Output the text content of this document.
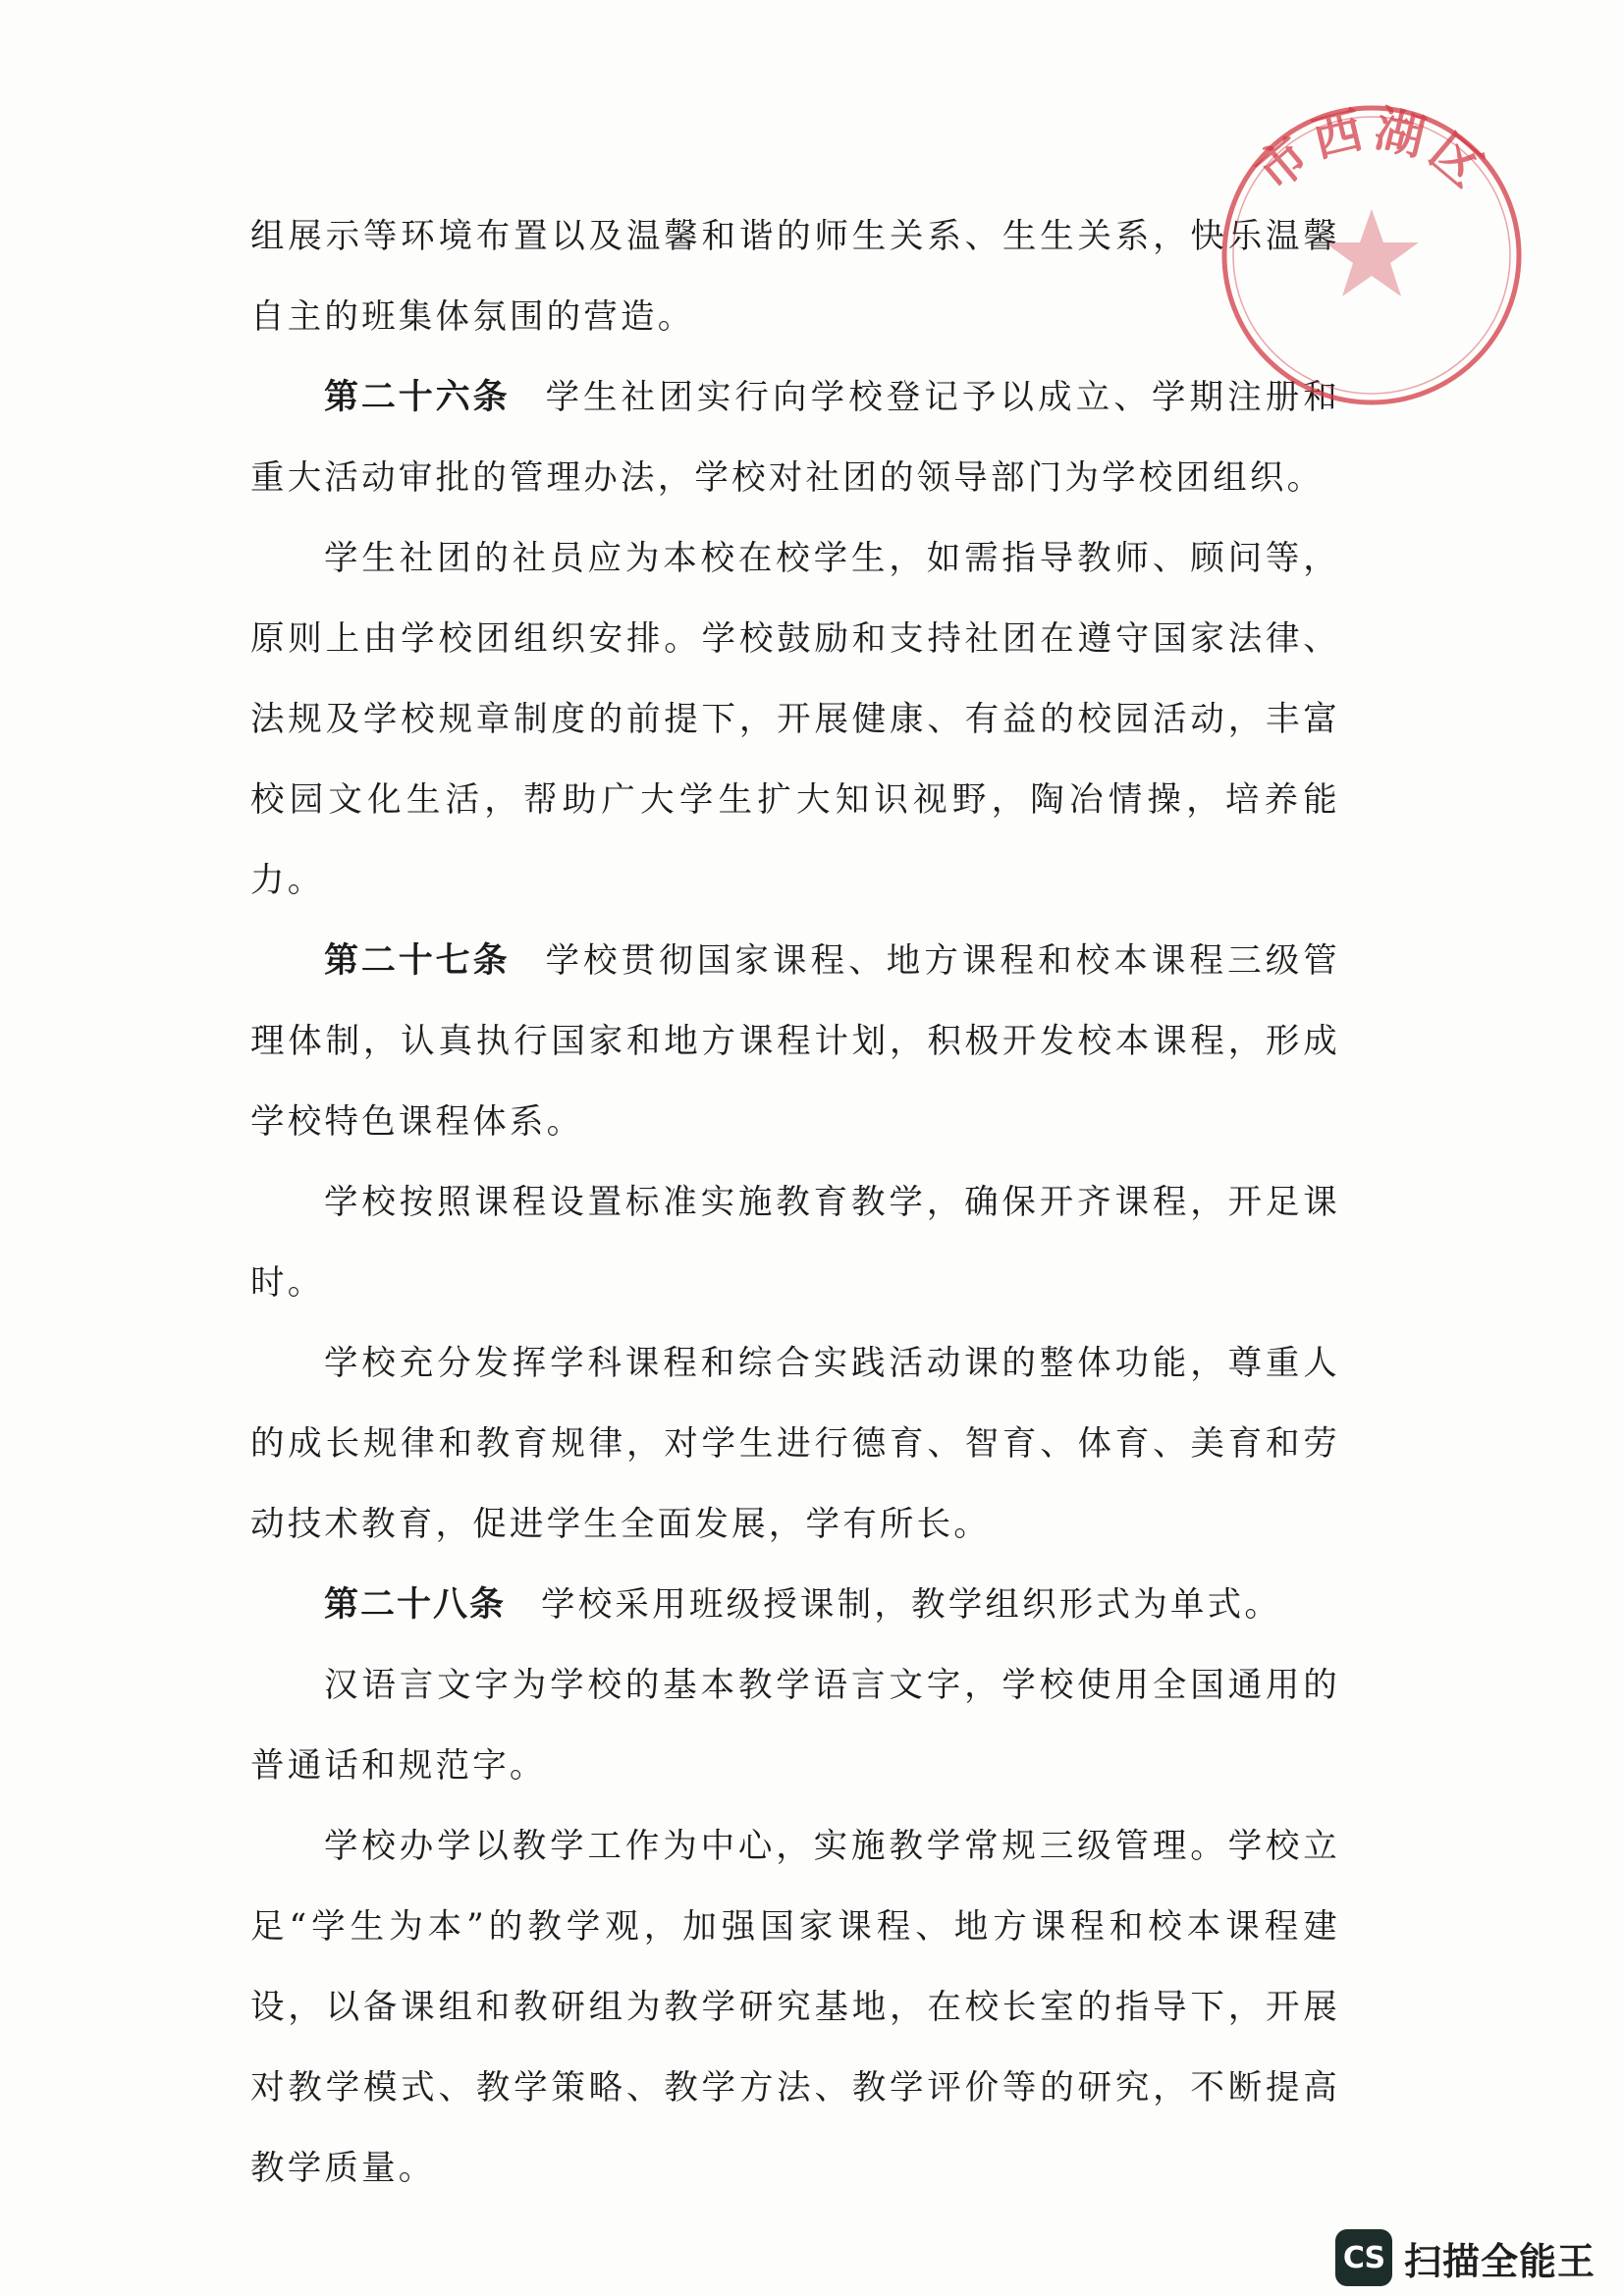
组展示等环境布置以及温馨和谐的师生关系、生生关系，快乐温馨自主的班集体氛围的营造。

第二十六条 学生社团实行向学校登记予以成立、学期注册和重大活动审批的管理办法，学校对社团的领导部门为学校团组织。

学生社团的社员应为本校在校学生，如需指导教师、顾问等，原则上由学校团组织安排。学校鼓励和支持社团在遵守国家法律、法规及学校规章制度的前提下，开展健康、有益的校园活动，丰富校园文化生活，帮助广大学生扩大知识视野，陶冶情操，培养能力。

第二十七条 学校贯彻国家课程、地方课程和校本课程三级管理体制，认真执行国家和地方课程计划，积极开发校本课程，形成学校特色课程体系。

学校按照课程设置标准实施教育教学，确保开齐课程，开足课时。

学校充分发挥学科课程和综合实践活动课的整体功能，尊重人的成长规律和教育规律，对学生进行德育、智育、体育、美育和劳动技术教育，促进学生全面发展，学有所长。

第二十八条 学校采用班级授课制，教学组织形式为单式。

汉语言文字为学校的基本教学语言文字，学校使用全国通用的普通话和规范字。

学校办学以教学工作为中心，实施教学常规三级管理。学校立足“学生为本”的教学观，加强国家课程、地方课程和校本课程建设，以备课组和教研组为教学研究基地，在校长室的指导下，开展对教学模式、教学策略、教学方法、教学评价等的研究，不断提高教学质量。

市西湖区
CS 扫描全能王
